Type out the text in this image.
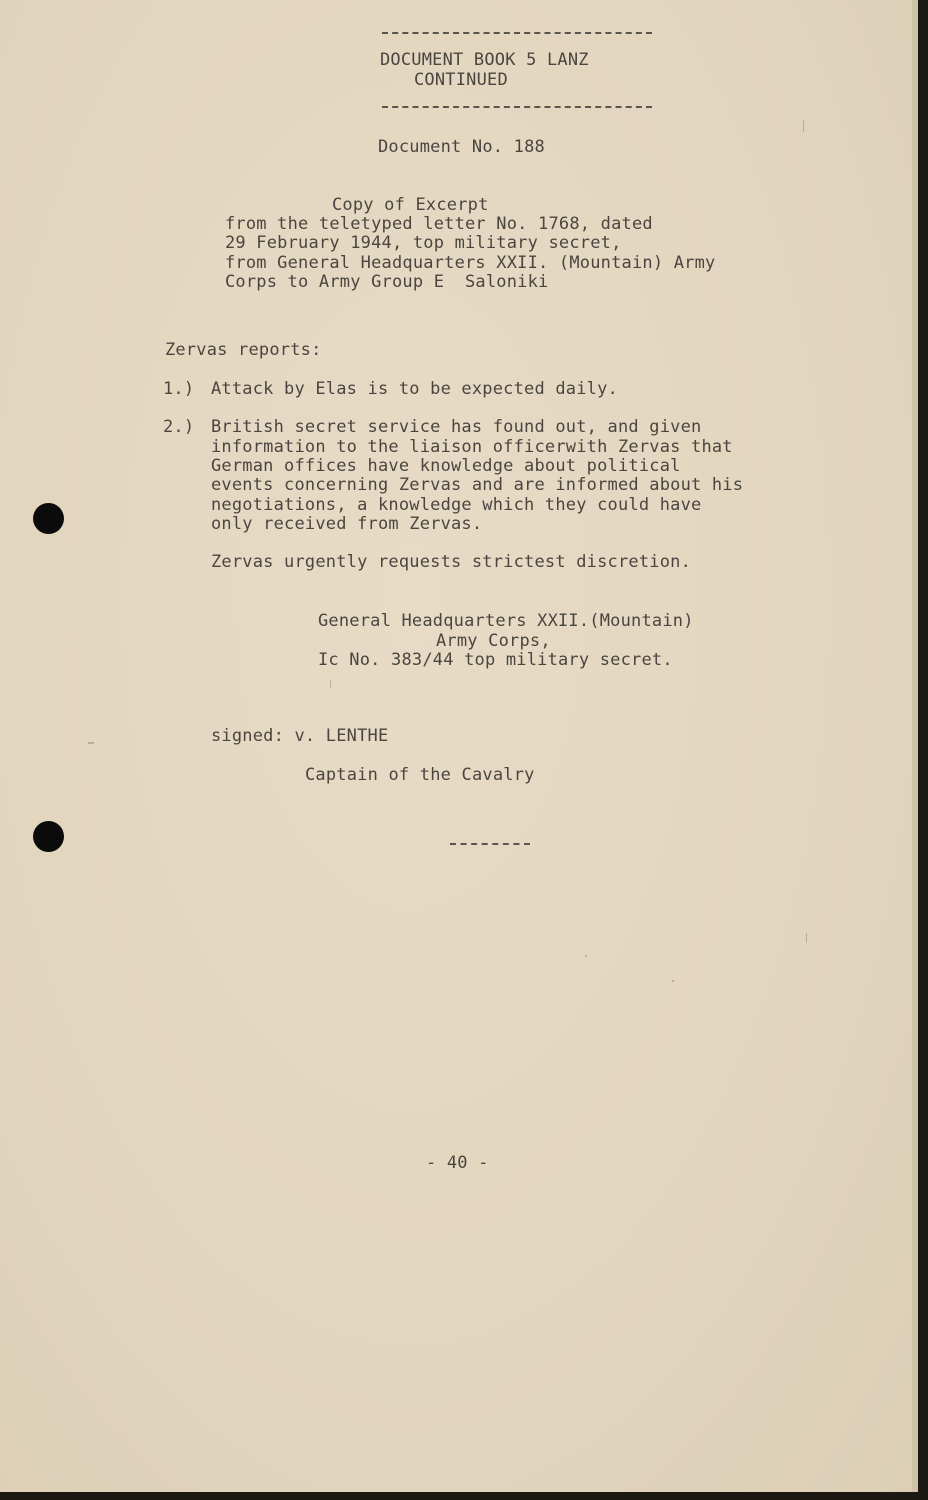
DOCUMENT BOOK 5 LANZ
CONTINUED
Document No. 188
Copy of Excerpt
from the teletyped letter No. 1768, dated
29 February 1944, top military secret,
from General Headquarters XXII. (Mountain) Army
Corps to Army Group E  Saloniki
Zervas reports:
1.) Attack by Elas is to be expected daily.
2.) British secret service has found out, and given
information to the liaison officerwith Zervas that
German offices have knowledge about political
events concerning Zervas and are informed about his
negotiations, a knowledge which they could have
only received from Zervas.
Zervas urgently requests strictest discretion.
General Headquarters XXII.(Mountain)
Army Corps,
Ic No. 383/44 top military secret.
signed: v. LENTHE
Captain of the Cavalry
- 40 -
